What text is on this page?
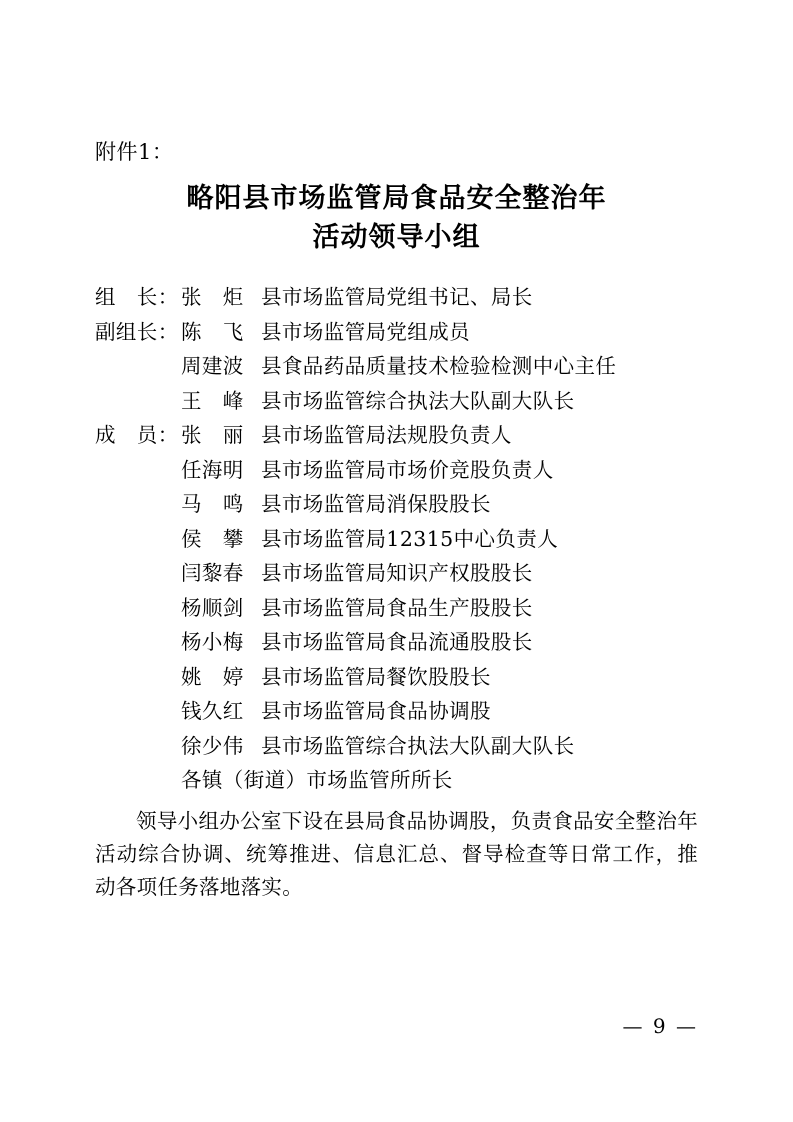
附件1：
略阳县市场监管局食品安全整治年
活动领导小组
组　长： 张　炬 县市场监管局党组书记、局长
副组长： 陈　飞 县市场监管局党组成员
周建波 县食品药品质量技术检验检测中心主任
王　峰 县市场监管综合执法大队副大队长
成　员： 张　丽 县市场监管局法规股负责人
任海明 县市场监管局市场价竞股负责人
马　鸣 县市场监管局消保股股长
侯　攀 县市场监管局12315中心负责人
闫黎春 县市场监管局知识产权股股长
杨顺剑 县市场监管局食品生产股股长
杨小梅 县市场监管局食品流通股股长
姚　婷 县市场监管局餐饮股股长
钱久红 县市场监管局食品协调股
徐少伟 县市场监管综合执法大队副大队长
各镇（街道） 市场监管所所长

领导小组办公室下设在县局食品协调股，负责食品安全整治年活动综合协调、统筹推进、信息汇总、督导检查等日常工作，推动各项任务落地落实。

— 9 —
